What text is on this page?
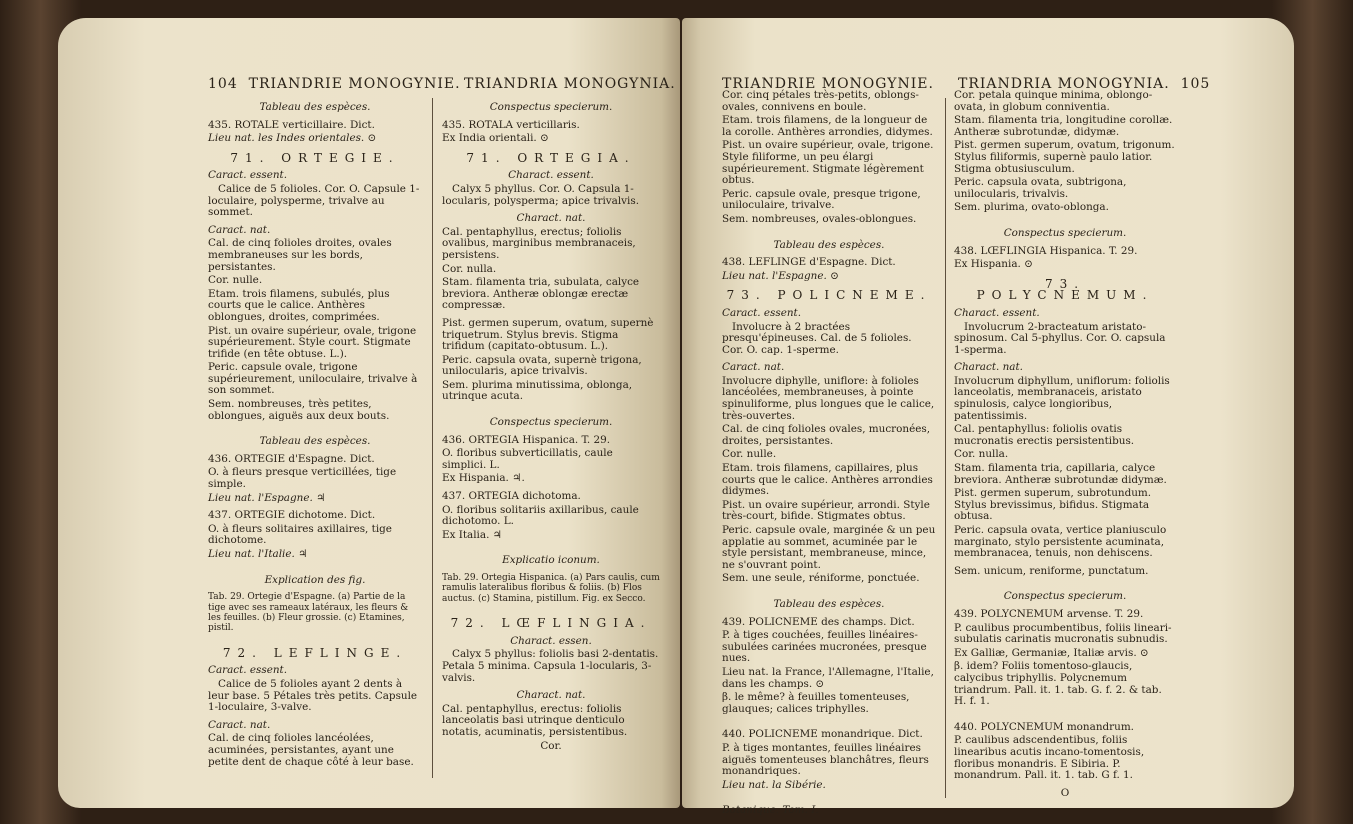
104 TRIANDRIE MONOGYNIE. TRIANDRIA MONOGYNIA.

Tableau des espèces.

435. ROTALE verticillaire. Dict.

Lieu nat. les Indes orientales. ⊙

71. ORTEGIE.

Caract. essent.

Calice de 5 folioles. Cor. O. Capsule 1-loculaire, polysperme, trivalve au sommet.

Caract. nat.

Cal. de cinq folioles droites, ovales membraneuses sur les bords, persistantes.

Cor. nulle.

Etam. trois filamens, subulés, plus courts que le calice. Anthères oblongues, droites, comprimées.

Pist. un ovaire supérieur, ovale, trigone supérieurement. Style court. Stigmate trifide (en tête obtuse. L.).

Peric. capsule ovale, trigone supérieurement, uniloculaire, trivalve à son sommet.

Sem. nombreuses, très petites, oblongues, aiguës aux deux bouts.

Tableau des espèces.

436. ORTEGIE d'Espagne. Dict.

O. à fleurs presque verticillées, tige simple.

Lieu nat. l'Espagne. ♃

437. ORTEGIE dichotome. Dict.

O. à fleurs solitaires axillaires, tige dichotome.

Lieu nat. l'Italie. ♃

Explication des fig.

Tab. 29. Ortegie d'Espagne. (a) Partie de la tige avec ses rameaux latéraux, les fleurs & les feuilles. (b) Fleur grossie. (c) Etamines, pistil.

72. LEFLINGE.

Caract. essent.

Calice de 5 folioles ayant 2 dents à leur base. 5 Pétales très petits. Capsule 1-loculaire, 3-valve.

Caract. nat.

Cal. de cinq folioles lancéolées, acuminées, persistantes, ayant une petite dent de chaque côté à leur base.

Conspectus specierum.

435. ROTALA verticillaris.

Ex India orientali. ⊙

71. ORTEGIA.

Charact. essent.

Calyx 5 phyllus. Cor. O. Capsula 1-locularis, polysperma; apice trivalvis.

Charact. nat.

Cal. pentaphyllus, erectus; foliolis ovalibus, marginibus membranaceis, persistens.

Cor. nulla.

Stam. filamenta tria, subulata, calyce breviora. Antheræ oblongæ erectæ compressæ.

Pist. germen superum, ovatum, supernè triquetrum. Stylus brevis. Stigma trifidum (capitato-obtusum. L.).

Peric. capsula ovata, supernè trigona, unilocularis, apice trivalvis.

Sem. plurima minutissima, oblonga, utrinque acuta.

Conspectus specierum.

436. ORTEGIA Hispanica. T. 29.

O. floribus subverticillatis, caule simplici. L.

Ex Hispania. ♃.

437. ORTEGIA dichotoma.

O. floribus solitariis axillaribus, caule dichotomo. L.

Ex Italia. ♃

Explicatio iconum.

Tab. 29. Ortegia Hispanica. (a) Pars caulis, cum ramulis lateralibus floribus & foliis. (b) Flos auctus. (c) Stamina, pistillum. Fig. ex Secco.

72. LŒFLINGIA.

Charact. essen.

Calyx 5 phyllus: foliolis basi 2-dentatis. Petala 5 minima. Capsula 1-locularis, 3-valvis.

Charact. nat.

Cal. pentaphyllus, erectus: foliolis lanceolatis basi utrinque denticulo notatis, acuminatis, persistentibus.

Cor.

TRIANDRIE MONOGYNIE. TRIANDRIA MONOGYNIA. 105

Cor. cinq pétales très-petits, oblongs-ovales, connivens en boule.

Etam. trois filamens, de la longueur de la corolle. Anthères arrondies, didymes.

Pist. un ovaire supérieur, ovale, trigone. Style filiforme, un peu élargi supérieurement. Stigmate légèrement obtus.

Peric. capsule ovale, presque trigone, uniloculaire, trivalve.

Sem. nombreuses, ovales-oblongues.

Tableau des espèces.

438. LEFLINGE d'Espagne. Dict.

Lieu nat. l'Espagne. ⊙

73. POLICNEME.

Caract. essent.

Involucre à 2 bractées presqu'épineuses. Cal. de 5 folioles. Cor. O. cap. 1-sperme.

Caract. nat.

Involucre diphylle, uniflore: à folioles lancéolées, membraneuses, à pointe spinuliforme, plus longues que le calice, très-ouvertes.

Cal. de cinq folioles ovales, mucronées, droites, persistantes.

Cor. nulle.

Etam. trois filamens, capillaires, plus courts que le calice. Anthères arrondies didymes.

Pist. un ovaire supérieur, arrondi. Style très-court, bifide. Stigmates obtus.

Peric. capsule ovale, marginée & un peu applatie au sommet, acuminée par le style persistant, membraneuse, mince, ne s'ouvrant point.

Sem. une seule, réniforme, ponctuée.

Tableau des espèces.

439. POLICNEME des champs. Dict.

P. à tiges couchées, feuilles linéaires-subulées carinées mucronées, presque nues.

Lieu nat. la France, l'Allemagne, l'Italie, dans les champs. ⊙

β. le même? à feuilles tomenteuses, glauques; calices triphylles.

440. POLICNEME monandrique. Dict.

P. à tiges montantes, feuilles linéaires aiguës tomenteuses blanchâtres, fleurs monandriques.

Lieu nat. la Sibérie.

Botanique. Tom. I.

Cor. petala quinque minima, oblongo-ovata, in globum conniventia.

Stam. filamenta tria, longitudine corollæ. Antheræ subrotundæ, didymæ.

Pist. germen superum, ovatum, trigonum. Stylus filiformis, supernè paulo latior. Stigma obtusiusculum.

Peric. capsula ovata, subtrigona, unilocularis, trivalvis.

Sem. plurima, ovato-oblonga.

Conspectus specierum.

438. LŒFLINGIA Hispanica. T. 29.

Ex Hispania. ⊙

73. POLYCNEMUM.

Charact. essent.

Involucrum 2-bracteatum aristato-spinosum. Cal 5-phyllus. Cor. O. capsula 1-sperma.

Charact. nat.

Involucrum diphyllum, uniflorum: foliolis lanceolatis, membranaceis, aristato spinulosis, calyce longioribus, patentissimis.

Cal. pentaphyllus: foliolis ovatis mucronatis erectis persistentibus.

Cor. nulla.

Stam. filamenta tria, capillaria, calyce breviora. Antheræ subrotundæ didymæ.

Pist. germen superum, subrotundum. Stylus brevissimus, bifidus. Stigmata obtusa.

Peric. capsula ovata, vertice planiusculo marginato, stylo persistente acuminata, membranacea, tenuis, non dehiscens.

Sem. unicum, reniforme, punctatum.

Conspectus specierum.

439. POLYCNEMUM arvense. T. 29.

P. caulibus procumbentibus, foliis lineari-subulatis carinatis mucronatis subnudis.

Ex Galliæ, Germaniæ, Italiæ arvis. ⊙

β. idem? Foliis tomentoso-glaucis, calycibus triphyllis. Polycnemum triandrum. Pall. it. 1. tab. G. f. 2. & tab. H. f. 1.

440. POLYCNEMUM monandrum.

P. caulibus adscendentibus, foliis linearibus acutis incano-tomentosis, floribus monandris. E Sibiria. P. monandrum. Pall. it. 1. tab. G f. 1.

O
